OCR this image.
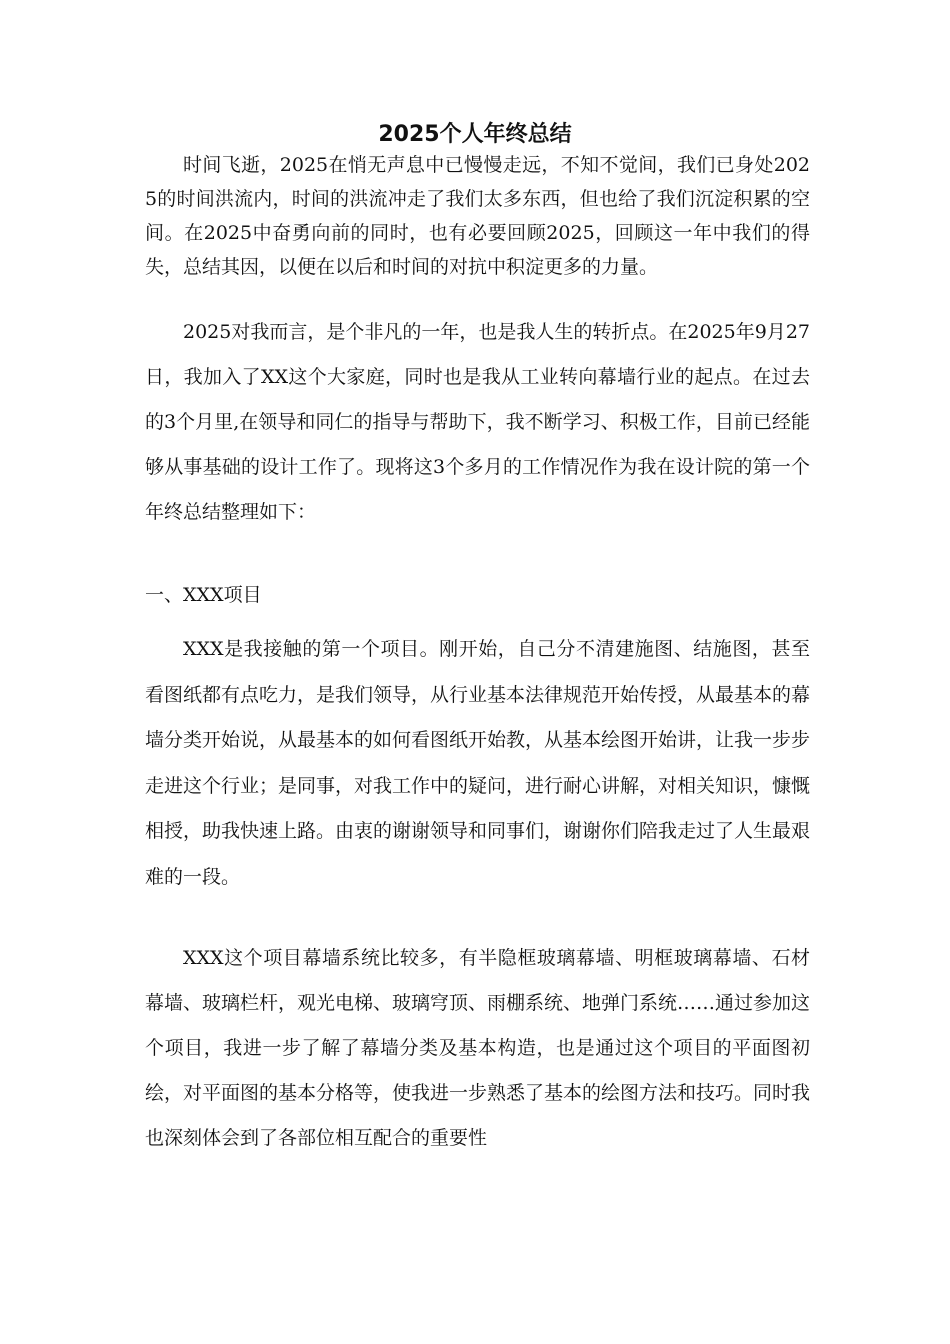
2025个人年终总结

时间飞逝，2025在悄无声息中已慢慢走远，不知不觉间，我们已身处2025的时间洪流内，时间的洪流冲走了我们太多东西，但也给了我们沉淀积累的空间。在2025中奋勇向前的同时，也有必要回顾2025，回顾这一年中我们的得失，总结其因，以便在以后和时间的对抗中积淀更多的力量。

2025对我而言，是个非凡的一年，也是我人生的转折点。在2025年9月27日，我加入了XX这个大家庭，同时也是我从工业转向幕墙行业的起点。在过去的3个月里,在领导和同仁的指导与帮助下，我不断学习、积极工作，目前已经能够从事基础的设计工作了。现将这3个多月的工作情况作为我在设计院的第一个年终总结整理如下：

一、XXX项目

XXX是我接触的第一个项目。刚开始，自己分不清建施图、结施图，甚至看图纸都有点吃力，是我们领导，从行业基本法律规范开始传授，从最基本的幕墙分类开始说，从最基本的如何看图纸开始教，从基本绘图开始讲，让我一步步走进这个行业；是同事，对我工作中的疑问，进行耐心讲解，对相关知识，慷慨相授，助我快速上路。由衷的谢谢领导和同事们，谢谢你们陪我走过了人生最艰难的一段。

XXX这个项目幕墙系统比较多，有半隐框玻璃幕墙、明框玻璃幕墙、石材幕墙、玻璃栏杆，观光电梯、玻璃穹顶、雨棚系统、地弹门系统……通过参加这个项目，我进一步了解了幕墙分类及基本构造，也是通过这个项目的平面图初绘，对平面图的基本分格等，使我进一步熟悉了基本的绘图方法和技巧。同时我也深刻体会到了各部位相互配合的重要性
